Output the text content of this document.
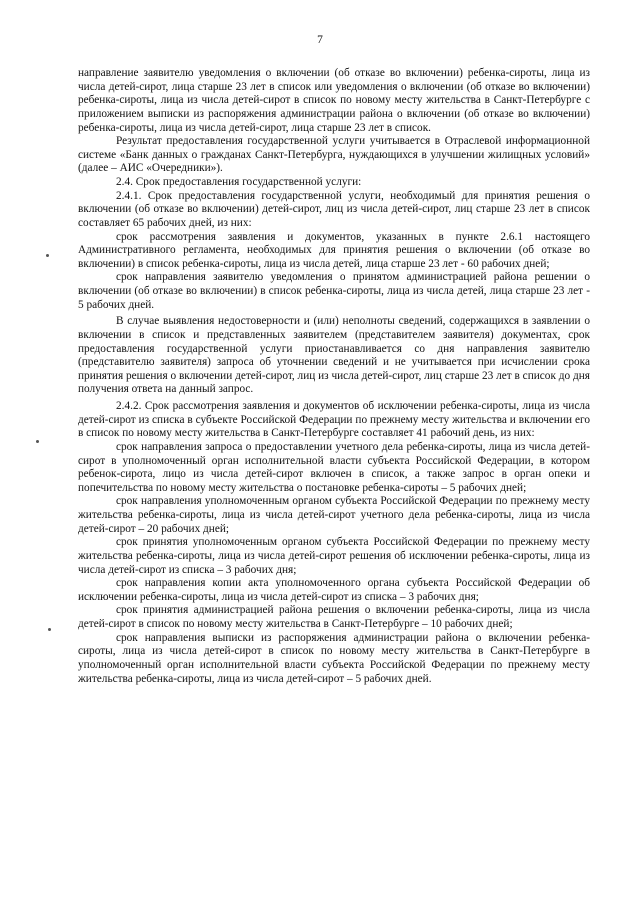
7

направление заявителю уведомления о включении (об отказе во включении) ребенка-сироты, лица из числа детей-сирот, лица старше 23 лет в список или уведомления о включении (об отказе во включении) ребенка-сироты, лица из числа детей-сирот в список по новому месту жительства в Санкт-Петербурге с приложением выписки из распоряжения администрации района о включении (об отказе во включении) ребенка-сироты, лица из числа детей-сирот, лица старше 23 лет в список.

Результат предоставления государственной услуги учитывается в Отраслевой информационной системе «Банк данных о гражданах Санкт-Петербурга, нуждающихся в улучшении жилищных условий» (далее – АИС «Очередники»).

2.4. Срок предоставления государственной услуги:

2.4.1. Срок предоставления государственной услуги, необходимый для принятия решения о включении (об отказе во включении) детей-сирот, лиц из числа детей-сирот, лиц старше 23 лет в список составляет 65 рабочих дней, из них:

срок рассмотрения заявления и документов, указанных в пункте 2.6.1 настоящего Административного регламента, необходимых для принятия решения о включении (об отказе во включении) в список ребенка-сироты, лица из числа детей, лица старше 23 лет - 60 рабочих дней;

срок направления заявителю уведомления о принятом администрацией района решении о включении (об отказе во включении) в список ребенка-сироты, лица из числа детей, лица старше 23 лет - 5 рабочих дней.

В случае выявления недостоверности и (или) неполноты сведений, содержащихся в заявлении о включении в список и представленных заявителем (представителем заявителя) документах, срок предоставления государственной услуги приостанавливается со дня направления заявителю (представителю заявителя) запроса об уточнении сведений и не учитывается при исчислении срока принятия решения о включении детей-сирот, лиц из числа детей-сирот, лиц старше 23 лет в список до дня получения ответа на данный запрос.

2.4.2. Срок рассмотрения заявления и документов об исключении ребенка-сироты, лица из числа детей-сирот из списка в субъекте Российской Федерации по прежнему месту жительства и включении его в список по новому месту жительства в Санкт-Петербурге составляет 41 рабочий день, из них:

срок направления запроса о предоставлении учетного дела ребенка-сироты, лица из числа детей-сирот в уполномоченный орган исполнительной власти субъекта Российской Федерации, в котором ребенок-сирота, лицо из числа детей-сирот включен в список, а также запрос в орган опеки и попечительства по новому месту жительства о постановке ребенка-сироты – 5 рабочих дней;

срок направления уполномоченным органом субъекта Российской Федерации по прежнему месту жительства ребенка-сироты, лица из числа детей-сирот учетного дела ребенка-сироты, лица из числа детей-сирот – 20 рабочих дней;

срок принятия уполномоченным органом субъекта Российской Федерации по прежнему месту жительства ребенка-сироты, лица из числа детей-сирот решения об исключении ребенка-сироты, лица из числа детей-сирот из списка – 3 рабочих дня;

срок направления копии акта уполномоченного органа субъекта Российской Федерации об исключении ребенка-сироты, лица из числа детей-сирот из списка – 3 рабочих дня;

срок принятия администрацией района решения о включении ребенка-сироты, лица из числа детей-сирот в список по новому месту жительства в Санкт-Петербурге – 10 рабочих дней;

срок направления выписки из распоряжения администрации района о включении ребенка-сироты, лица из числа детей-сирот в список по новому месту жительства в Санкт-Петербурге в уполномоченный орган исполнительной власти субъекта Российской Федерации по прежнему месту жительства ребенка-сироты, лица из числа детей-сирот – 5 рабочих дней.
